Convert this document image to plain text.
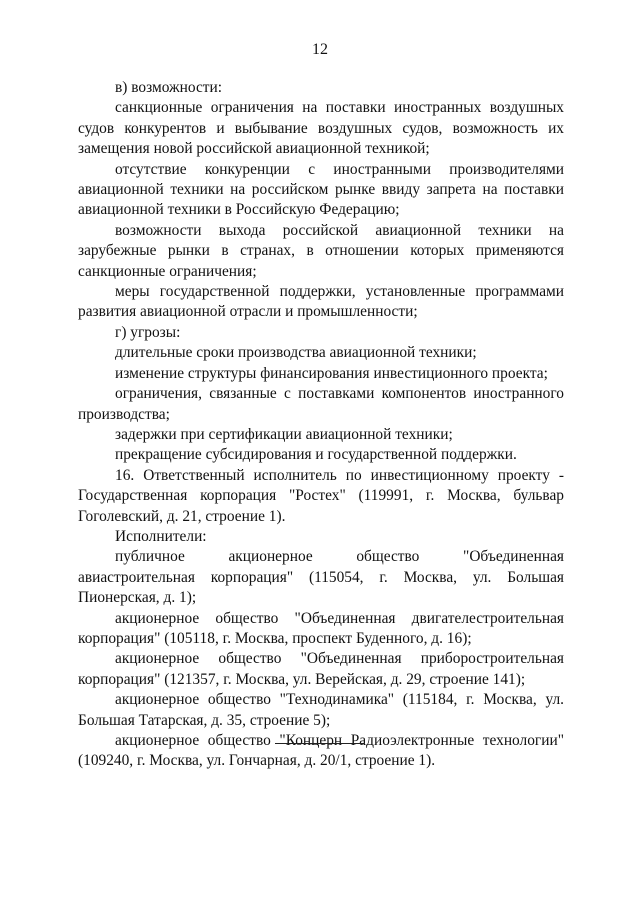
12

в) возможности:

санкционные ограничения на поставки иностранных воздушных судов конкурентов и выбывание воздушных судов, возможность их замещения новой российской авиационной техникой;

отсутствие конкуренции с иностранными производителями авиационной техники на российском рынке ввиду запрета на поставки авиационной техники в Российскую Федерацию;

возможности выхода российской авиационной техники на зарубежные рынки в странах, в отношении которых применяются санкционные ограничения;

меры государственной поддержки, установленные программами развития авиационной отрасли и промышленности;

г) угрозы:

длительные сроки производства авиационной техники;

изменение структуры финансирования инвестиционного проекта;

ограничения, связанные с поставками компонентов иностранного производства;

задержки при сертификации авиационной техники;

прекращение субсидирования и государственной поддержки.

16. Ответственный исполнитель по инвестиционному проекту - Государственная корпорация "Ростех" (119991, г. Москва, бульвар Гоголевский, д. 21, строение 1).

Исполнители:

публичное акционерное общество "Объединенная авиастроительная корпорация" (115054, г. Москва, ул. Большая Пионерская, д. 1);

акционерное общество "Объединенная двигателестроительная корпорация" (105118, г. Москва, проспект Буденного, д. 16);

акционерное общество "Объединенная приборостроительная корпорация" (121357, г. Москва, ул. Верейская, д. 29, строение 141);

акционерное общество "Технодинамика" (115184, г. Москва, ул. Большая Татарская, д. 35, строение 5);

акционерное общество "Концерн Радиоэлектронные технологии" (109240, г. Москва, ул. Гончарная, д. 20/1, строение 1).
